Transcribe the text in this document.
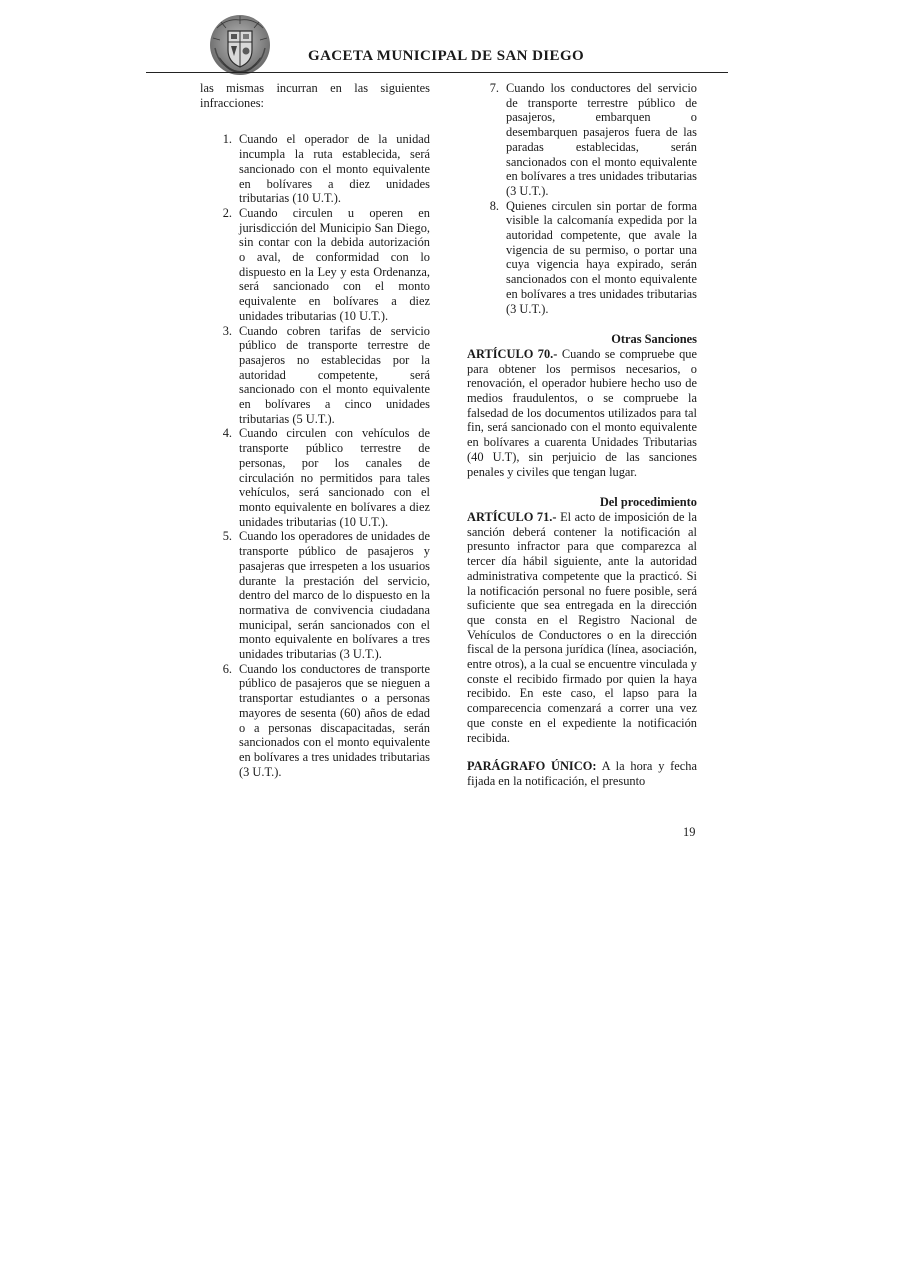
GACETA MUNICIPAL DE SAN DIEGO

las mismas incurran en las siguientes infracciones:

1. Cuando el operador de la unidad incumpla la ruta establecida, será sancionado con el monto equivalente en bolívares a diez unidades tributarias (10 U.T.).
2. Cuando circulen u operen en jurisdicción del Municipio San Diego, sin contar con la debida autorización o aval, de conformidad con lo dispuesto en la Ley y esta Ordenanza, será sancionado con el monto equivalente en bolívares a diez unidades tributarias (10 U.T.).
3. Cuando cobren tarifas de servicio público de transporte terrestre de pasajeros no establecidas por la autoridad competente, será sancionado con el monto equivalente en bolívares a cinco unidades tributarias (5 U.T.).
4. Cuando circulen con vehículos de transporte público terrestre de personas, por los canales de circulación no permitidos para tales vehículos, será sancionado con el monto equivalente en bolívares a diez unidades tributarias (10 U.T.).
5. Cuando los operadores de unidades de transporte público de pasajeros y pasajeras que irrespeten a los usuarios durante la prestación del servicio, dentro del marco de lo dispuesto en la normativa de convivencia ciudadana municipal, serán sancionados con el monto equivalente en bolívares a tres unidades tributarias (3 U.T.).
6. Cuando los conductores de transporte público de pasajeros que se nieguen a transportar estudiantes o a personas mayores de sesenta (60) años de edad o a personas discapacitadas, serán sancionados con el monto equivalente en bolívares a tres unidades tributarias (3 U.T.).
7. Cuando los conductores del servicio de transporte terrestre público de pasajeros, embarquen o desembarquen pasajeros fuera de las paradas establecidas, serán sancionados con el monto equivalente en bolívares a tres unidades tributarias (3 U.T.).
8. Quienes circulen sin portar de forma visible la calcomanía expedida por la autoridad competente, que avale la vigencia de su permiso, o portar una cuya vigencia haya expirado, serán sancionados con el monto equivalente en bolívares a tres unidades tributarias (3 U.T.).

Otras Sanciones

ARTÍCULO 70.- Cuando se compruebe que para obtener los permisos necesarios, o renovación, el operador hubiere hecho uso de medios fraudulentos, o se compruebe la falsedad de los documentos utilizados para tal fin, será sancionado con el monto equivalente en bolívares a cuarenta Unidades Tributarias (40 U.T), sin perjuicio de las sanciones penales y civiles que tengan lugar.

Del procedimiento

ARTÍCULO 71.- El acto de imposición de la sanción deberá contener la notificación al presunto infractor para que comparezca al tercer día hábil siguiente, ante la autoridad administrativa competente que la practicó. Si la notificación personal no fuere posible, será suficiente que sea entregada en la dirección que consta en el Registro Nacional de Vehículos de Conductores o en la dirección fiscal de la persona jurídica (línea, asociación, entre otros), a la cual se encuentre vinculada y conste el recibido firmado por quien la haya recibido. En este caso, el lapso para la comparecencia comenzará a correr una vez que conste en el expediente la notificación recibida.

PARÁGRAFO ÚNICO: A la hora y fecha fijada en la notificación, el presunto

19
